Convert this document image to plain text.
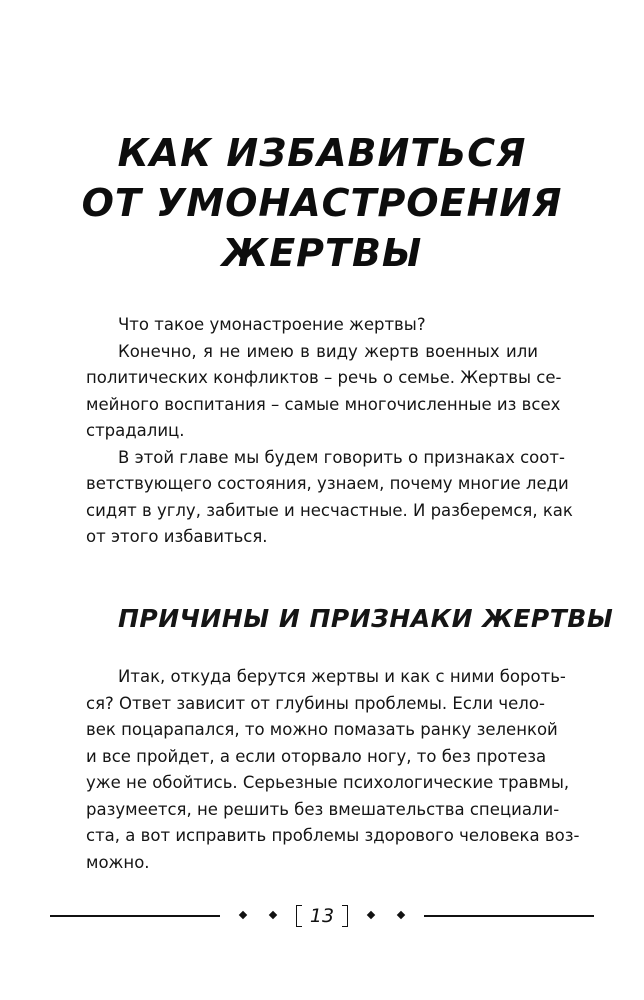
КАК ИЗБАВИТЬСЯ
ОТ УМОНАСТРОЕНИЯ
ЖЕРТВЫ
Что такое умонастроение жертвы?
Конечно, я не имею в виду жертв военных или
политических конфликтов – речь о семье. Жертвы се-
мейного воспитания – самые многочисленные из всех
страдалиц.
В этой главе мы будем говорить о признаках соот-
ветствующего состояния, узнаем, почему многие леди
сидят в углу, забитые и несчастные. И разберемся, как
от этого избавиться.
ПРИЧИНЫ И ПРИЗНАКИ ЖЕРТВЫ
Итак, откуда берутся жертвы и как с ними бороть-
ся? Ответ зависит от глубины проблемы. Если чело-
век поцарапался, то можно помазать ранку зеленкой
и все пройдет, а если оторвало ногу, то без протеза
уже не обойтись. Серьезные психологические травмы,
разумеется, не решить без вмешательства специали-
ста, а вот исправить проблемы здорового человека воз-
можно.
13
